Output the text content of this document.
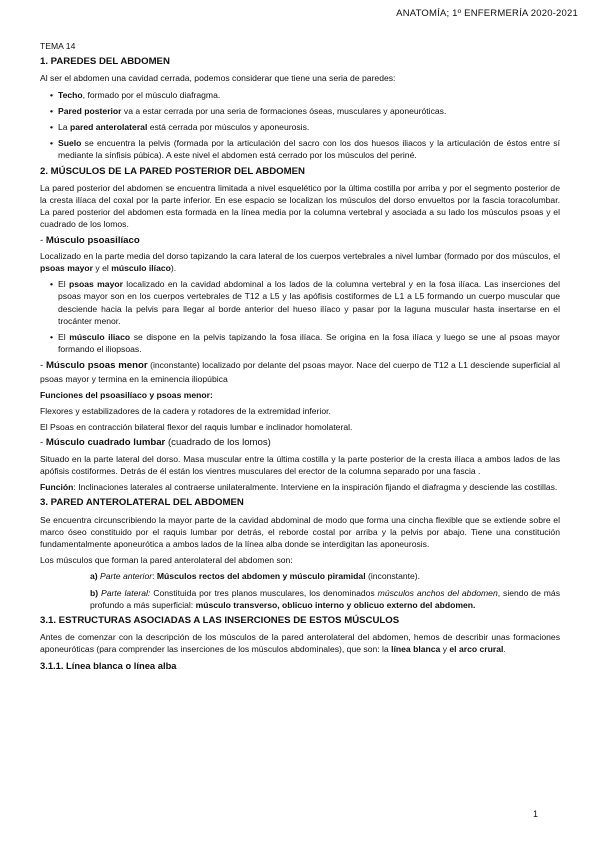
ANATOMÍA; 1º ENFERMERÍA 2020-2021
TEMA 14
1. PAREDES DEL ABDOMEN
Al ser el abdomen una cavidad cerrada, podemos considerar que tiene una seria de paredes:
• Techo, formado por el músculo diafragma.
• Pared posterior va a estar cerrada por una seria de formaciones óseas, musculares y aponeuróticas.
• La pared anterolateral está cerrada por músculos y aponeurosis.
• Suelo se encuentra la pelvis (formada por la articulación del sacro con los dos huesos iliacos y la articulación de éstos entre sí mediante la sínfisis púbica). A este nivel el abdomen está cerrado por los músculos del periné.
2. MÚSCULOS DE LA PARED POSTERIOR DEL ABDOMEN
La pared posterior del abdomen se encuentra limitada a nivel esquelético por la última costilla por arriba y por el segmento posterior de la cresta ilíaca del coxal por la parte inferior. En ese espacio se localizan los músculos del dorso envueltos por la fascia toracolumbar. La pared posterior del abdomen esta formada en la línea media por la columna vertebral y asociada a su lado los músculos psoas y el cuadrado de los lomos.
- Músculo psoasilíaco
Localizado en la parte media del dorso tapizando la cara lateral de los cuerpos vertebrales a nivel lumbar (formado por dos músculos, el psoas mayor y el músculo ilíaco).
• El psoas mayor localizado en la cavidad abdominal a los lados de la columna vertebral y en la fosa ilíaca. Las inserciones del psoas mayor son en los cuerpos vertebrales de T12 a L5 y las apófisis costiformes de L1 a L5 formando un cuerpo muscular que desciende hacia la pelvis para llegar al borde anterior del hueso ilíaco y pasar por la laguna muscular hasta insertarse en el trocánter menor.
• El músculo iliaco se dispone en la pelvis tapizando la fosa ilíaca. Se origina en la fosa ilíaca y luego se une al psoas mayor formando el iliopsoas.
- Músculo psoas menor (inconstante) localizado por delante del psoas mayor. Nace del cuerpo de T12 a L1 desciende superficial al psoas mayor y termina en la eminencia iliopúbica
Funciones del psoasilíaco y psoas menor:
Flexores y estabilizadores de la cadera y rotadores de la extremidad inferior.
El Psoas en contracción bilateral flexor del raquis lumbar e inclinador homolateral.
- Músculo cuadrado lumbar (cuadrado de los lomos)
Situado en la parte lateral del dorso. Masa muscular entre la última costilla y la parte posterior de la cresta ilíaca a ambos lados de las apófisis costiformes. Detrás de él están los vientres musculares del erector de la columna separado por una fascia .
Función: Inclinaciones laterales al contraerse unilateralmente. Interviene en la inspiración fijando el diafragma y desciende las costillas.
3. PARED ANTEROLATERAL DEL ABDOMEN
Se encuentra circunscribiendo la mayor parte de la cavidad abdominal de modo que forma una cincha flexible que se extiende sobre el marco óseo constituido por el raquis lumbar por detrás, el reborde costal por arriba y la pelvis por abajo. Tiene una constitución fundamentalmente aponeurótica a ambos lados de la línea alba donde se interdigitan las aponeurosis.
Los músculos que forman la pared anterolateral del abdomen son:
a) Parte anterior: Músculos rectos del abdomen y músculo piramidal (inconstante).
b) Parte lateral: Constituida por tres planos musculares, los denominados músculos anchos del abdomen, siendo de más profundo a más superficial: músculo transverso, oblicuo interno y oblicuo externo del abdomen.
3.1. ESTRUCTURAS ASOCIADAS A LAS INSERCIONES DE ESTOS MÚSCULOS
Antes de comenzar con la descripción de los músculos de la pared anterolateral del abdomen, hemos de describir unas formaciones aponeuróticas (para comprender las inserciones de los músculos abdominales), que son: la línea blanca y el arco crural.
3.1.1. Línea blanca o línea alba
1
